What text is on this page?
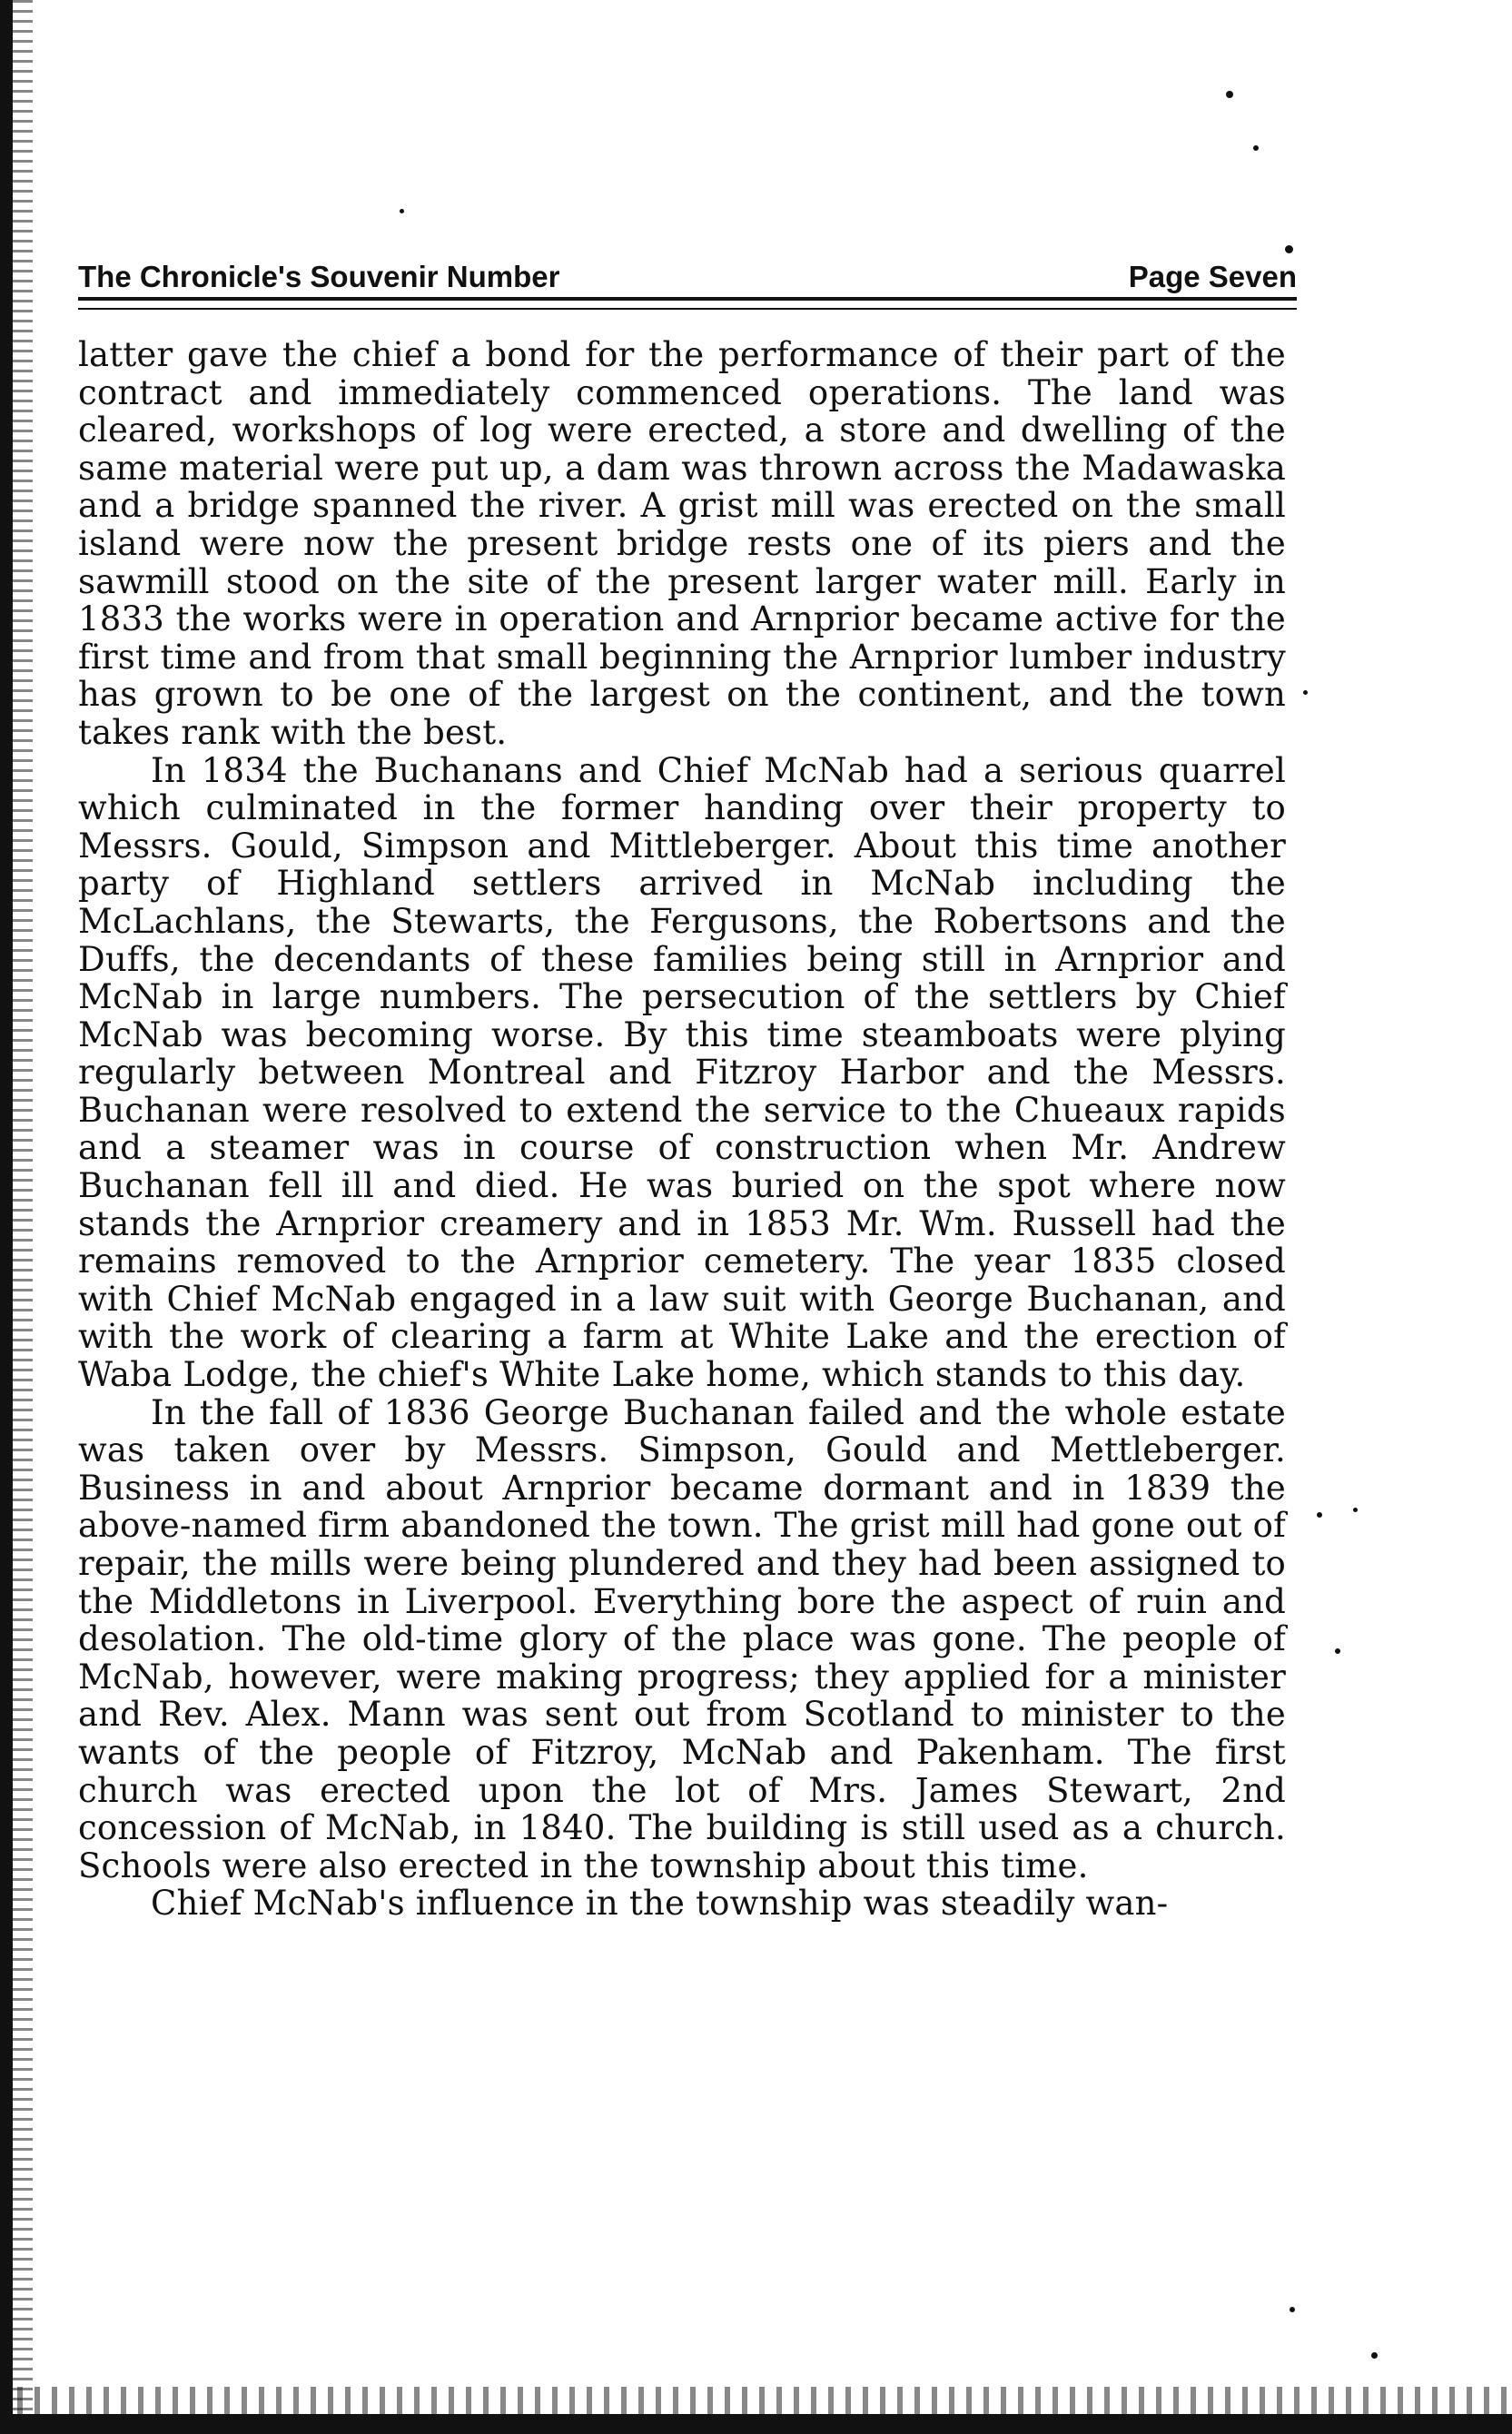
The Chronicle's Souvenir Number	Page Seven

latter gave the chief a bond for the performance of their part of the contract and immediately commenced operations. The land was cleared, workshops of log were erected, a store and dwelling of the same material were put up, a dam was thrown across the Madawaska and a bridge spanned the river. A grist mill was erected on the small island were now the present bridge rests one of its piers and the sawmill stood on the site of the present larger water mill. Early in 1833 the works were in operation and Arnprior became active for the first time and from that small beginning the Arnprior lumber industry has grown to be one of the largest on the continent, and the town takes rank with the best.

In 1834 the Buchanans and Chief McNab had a serious quarrel which culminated in the former handing over their property to Messrs. Gould, Simpson and Mittleberger. About this time another party of Highland settlers arrived in McNab including the McLachlans, the Stewarts, the Fergusons, the Robertsons and the Duffs, the decendants of these families being still in Arnprior and McNab in large numbers. The persecution of the settlers by Chief McNab was becoming worse. By this time steamboats were plying regularly between Montreal and Fitzroy Harbor and the Messrs. Buchanan were resolved to extend the service to the Chueaux rapids and a steamer was in course of construction when Mr. Andrew Buchanan fell ill and died. He was buried on the spot where now stands the Arnprior creamery and in 1853 Mr. Wm. Russell had the remains removed to the Arnprior cemetery. The year 1835 closed with Chief McNab engaged in a law suit with George Buchanan, and with the work of clearing a farm at White Lake and the erection of Waba Lodge, the chief's White Lake home, which stands to this day.

In the fall of 1836 George Buchanan failed and the whole estate was taken over by Messrs. Simpson, Gould and Mettleberger. Business in and about Arnprior became dormant and in 1839 the above-named firm abandoned the town. The grist mill had gone out of repair, the mills were being plundered and they had been assigned to the Middletons in Liverpool. Everything bore the aspect of ruin and desolation. The old-time glory of the place was gone. The people of McNab, however, were making progress; they applied for a minister and Rev. Alex. Mann was sent out from Scotland to minister to the wants of the people of Fitzroy, McNab and Pakenham. The first church was erected upon the lot of Mrs. James Stewart, 2nd concession of McNab, in 1840. The building is still used as a church. Schools were also erected in the township about this time.

Chief McNab's influence in the township was steadily wan-
